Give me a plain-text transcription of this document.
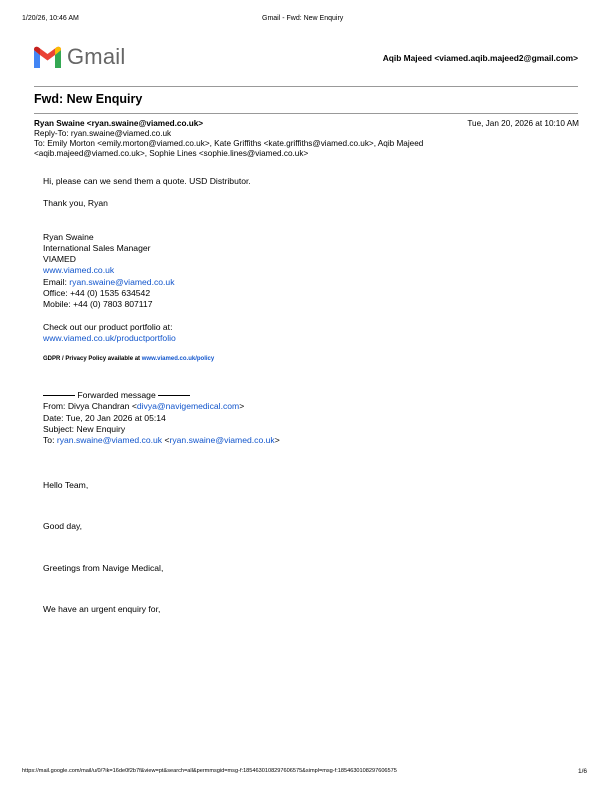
1/20/26, 10:46 AM	Gmail - Fwd: New Enquiry
Gmail	Aqib Majeed <viamed.aqib.majeed2@gmail.com>
Fwd: New Enquiry
Ryan Swaine <ryan.swaine@viamed.co.uk>	Tue, Jan 20, 2026 at 10:10 AM
Reply-To: ryan.swaine@viamed.co.uk
To: Emily Morton <emily.morton@viamed.co.uk>, Kate Griffiths <kate.griffiths@viamed.co.uk>, Aqib Majeed
<aqib.majeed@viamed.co.uk>, Sophie Lines <sophie.lines@viamed.co.uk>
Hi, please can we send them a quote. USD Distributor.
Thank you, Ryan
Ryan Swaine
International Sales Manager
VIAMED
www.viamed.co.uk
Email: ryan.swaine@viamed.co.uk
Office: +44 (0) 1535 634542
Mobile: +44 (0) 7803 807117
Check out our product portfolio at:
www.viamed.co.uk/productportfolio
GDPR / Privacy Policy available at www.viamed.co.uk/policy
Forwarded message
From: Divya Chandran <divya@navigemedical.com>
Date: Tue, 20 Jan 2026 at 05:14
Subject: New Enquiry
To: ryan.swaine@viamed.co.uk <ryan.swaine@viamed.co.uk>
Hello Team,
Good day,
Greetings from Navige Medical,
We have an urgent enquiry for,
https://mail.google.com/mail/u/0/?ik=16de0f2b7f&view=pt&search=all&permmsgid=msg-f:1854630108297606575&simpl=msg-f:1854630108297606575	1/6
